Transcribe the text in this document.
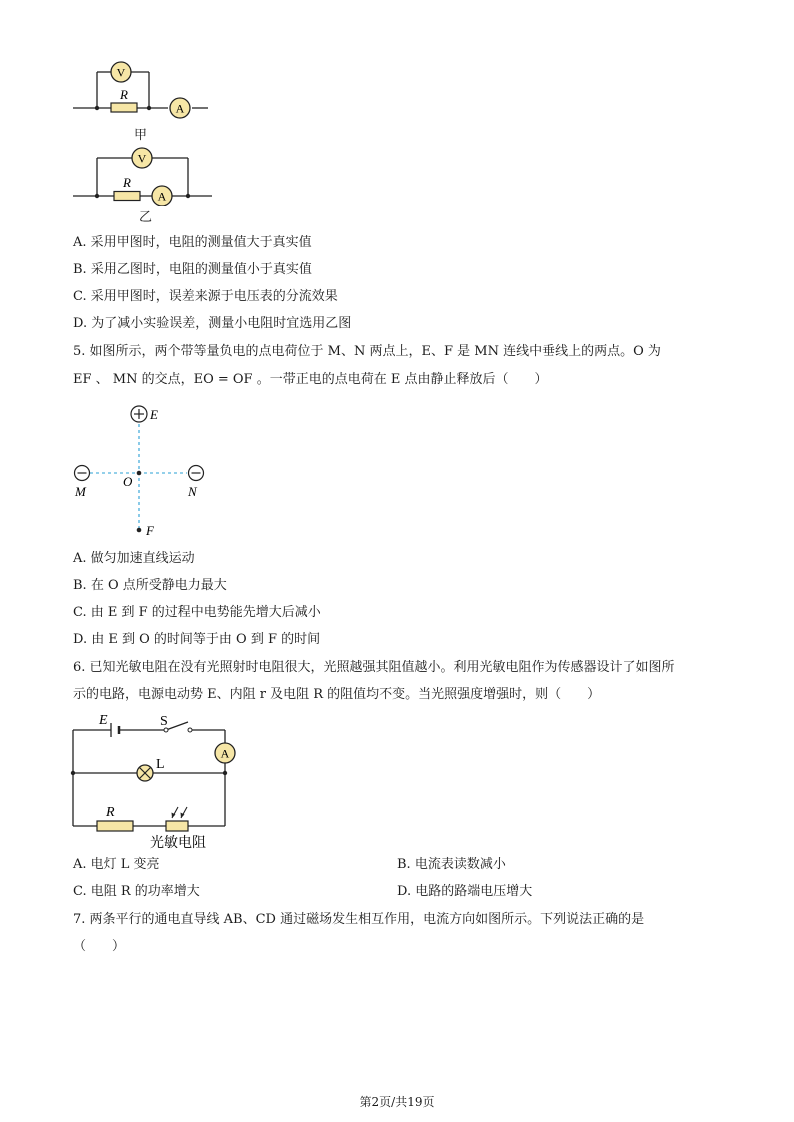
V
A
R
甲
V
A
R
乙
A. 采用甲图时，电阻的测量值大于真实值
B. 采用乙图时，电阻的测量值小于真实值
C. 采用甲图时，误差来源于电压表的分流效果
D. 为了减小实验误差，测量小电阻时宜选用乙图
5. 如图所示，两个带等量负电的点电荷位于 M、N 两点上，E、F 是 MN 连线中垂线上的两点。O 为
EF 、 MN 的交点，EO = OF 。一带正电的点电荷在 E 点由静止释放后（　　）
E
M
O
N
F
A. 做匀加速直线运动
B. 在 O 点所受静电力最大
C. 由 E 到 F 的过程中电势能先增大后减小
D. 由 E 到 O 的时间等于由 O 到 F 的时间
6. 已知光敏电阻在没有光照射时电阻很大，光照越强其阻值越小。利用光敏电阻作为传感器设计了如图所
示的电路，电源电动势 E、内阻 r 及电阻 R 的阻值均不变。当光照强度增强时，则（　　）
E	S
A
L
R
光敏电阻
A. 电灯 L 变亮	B. 电流表读数减小
C. 电阻 R 的功率增大	D. 电路的路端电压增大
7. 两条平行的通电直导线 AB、CD 通过磁场发生相互作用，电流方向如图所示。下列说法正确的是
（　　）
第2页/共19页
